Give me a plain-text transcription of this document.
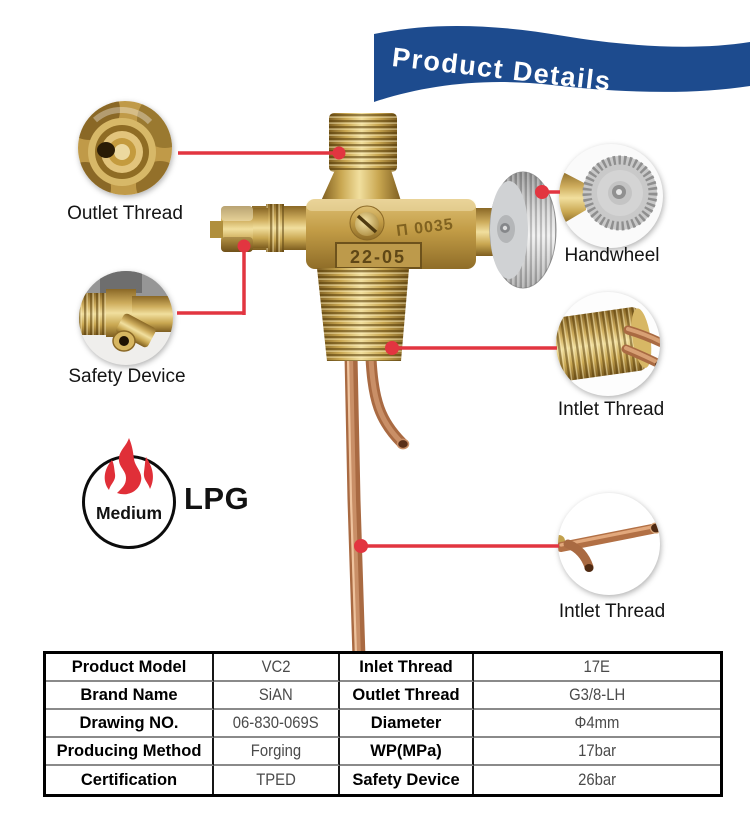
Product Details
Π 0035
22-05
Outlet Thread
Safety Device
Handwheel
Intlet Thread
Intlet Thread
Medium LPG
Product Model	VC2	Inlet Thread	17E
Brand Name	SiAN	Outlet Thread	G3/8-LH
Drawing NO.	06-830-069S	Diameter	Φ4mm
Producing Method	Forging	WP(MPa)	17bar
Certification	TPED	Safety Device	26bar
